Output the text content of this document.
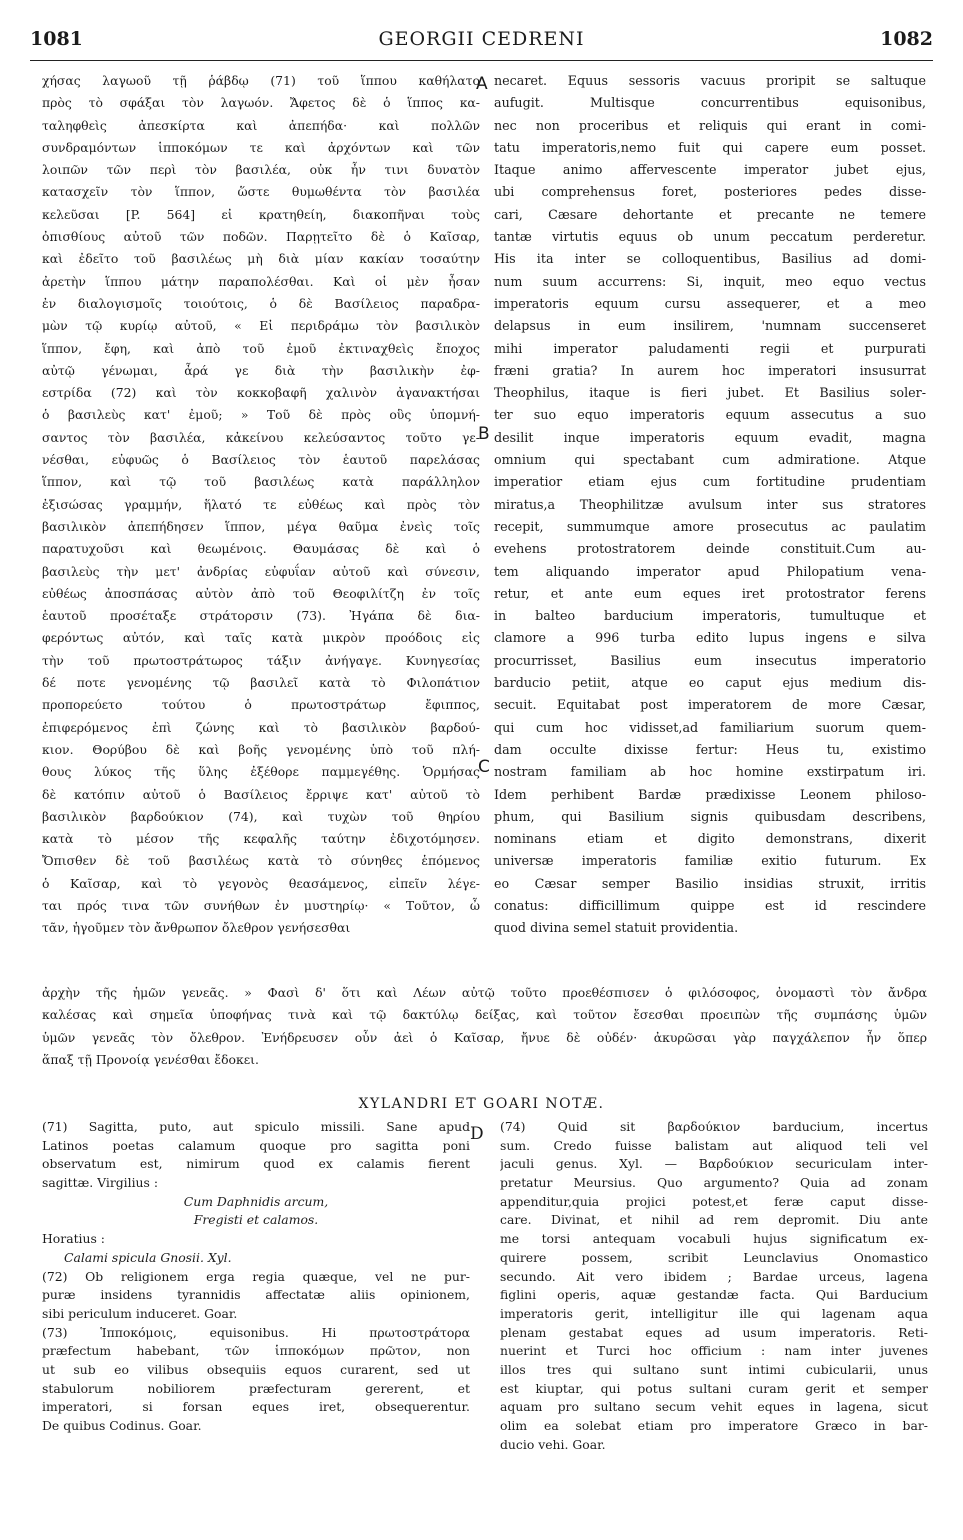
1081	GEORGII CEDRENI	1082
χήσας λαγωοῦ τῇ ῥάβδῳ (71) τοῦ ἵππου καθήλατο
πρὸς τὸ σφάξαι τὸν λαγωόν. Ἄφετος δὲ ὁ ἵππος κα-
ταληφθεὶς ἀπεσκίρτα καὶ ἀπεπήδα· καὶ πολλῶν
συνδραμόντων ἱπποκόμων τε καὶ ἀρχόντων καὶ τῶν
λοιπῶν τῶν περὶ τὸν βασιλέα, οὐκ ἦν τινι δυνατὸν
κατασχεῖν τὸν ἵππον, ὥστε θυμωθέντα τὸν βασιλέα
κελεῦσαι [P. 564] εἰ κρατηθείη, διακοπῆναι τοὺς
ὀπισθίους αὐτοῦ τῶν ποδῶν. Παρῃτεῖτο δὲ ὁ Καῖσαρ,
καὶ ἐδεῖτο τοῦ βασιλέως μὴ διὰ μίαν κακίαν τοσαύτην
ἀρετὴν ἵππου μάτην παραπολέσθαι. Καὶ οἱ μὲν ἦσαν
ἐν διαλογισμοῖς τοιούτοις, ὁ δὲ Βασίλειος παραδρα-
μὼν τῷ κυρίῳ αὐτοῦ, « Εἰ περιδράμω τὸν βασιλικὸν
ἵππον, ἔφη, καὶ ἀπὸ τοῦ ἐμοῦ ἐκτιναχθεὶς ἔποχος
αὐτῷ γένωμαι, ἆρά γε διὰ τὴν βασιλικὴν ἐφ-
εστρίδα (72) καὶ τὸν κοκκοβαφῆ χαλινὸν ἀγανακτήσαι
ὁ βασιλεὺς κατ' ἐμοῦ; » Τοῦ δὲ πρὸς οὓς ὑπομνή-
σαντος τὸν βασιλέα, κἀκείνου κελεύσαντος τοῦτο γε-
νέσθαι, εὐφυῶς ὁ Βασίλειος τὸν ἑαυτοῦ παρελάσας
ἵππον, καὶ τῷ τοῦ βασιλέως κατὰ παράλληλον
ἐξισώσας γραμμήν, ἥλατό τε εὐθέως καὶ πρὸς τὸν
βασιλικὸν ἀπεπήδησεν ἵππον, μέγα θαῦμα ἐνεὶς τοῖς
παρατυχοῦσι καὶ θεωμένοις. Θαυμάσας δὲ καὶ ὁ
βασιλεὺς τὴν μετ' ἀνδρίας εὐφυΐαν αὐτοῦ καὶ σύνεσιν,
εὐθέως ἀποσπάσας αὐτὸν ἀπὸ τοῦ Θεοφιλίτζη ἐν τοῖς
ἑαυτοῦ προσέταξε στράτορσιν (73). Ἠγάπα δὲ δια-
φερόντως αὐτόν, καὶ ταῖς κατὰ μικρὸν προόδοις εἰς
τὴν τοῦ πρωτοστράτωρος τάξιν ἀνήγαγε. Κυνηγεσίας
δέ ποτε γενομένης τῷ βασιλεῖ κατὰ τὸ Φιλοπάτιον
προπορεύετο τούτου ὁ πρωτοστράτωρ ἔφιππος,
ἐπιφερόμενος ἐπὶ ζώνης καὶ τὸ βασιλικὸν βαρδού-
κιον. Θορύβου δὲ καὶ βοῆς γενομένης ὑπὸ τοῦ πλή-
θους λύκος τῆς ὕλης ἐξέθορε παμμεγέθης. Ὁρμήσας
δὲ κατόπιν αὐτοῦ ὁ Βασίλειος ἔρριψε κατ' αὐτοῦ τὸ
βασιλικὸν βαρδούκιον (74), καὶ τυχὼν τοῦ θηρίου
κατὰ τὸ μέσον τῆς κεφαλῆς ταύτην ἐδιχοτόμησεν.
Ὄπισθεν δὲ τοῦ βασιλέως κατὰ τὸ σύνηθες ἑπόμενος
ὁ Καῖσαρ, καὶ τὸ γεγονὸς θεασάμενος, εἰπεῖν λέγε-
ται πρός τινα τῶν συνήθων ἐν μυστηρίῳ· « Τοῦτον, ὦ
τᾶν, ἡγοῦμεν τὸν ἄνθρωπον ὄλεθρον γενήσεσθαι
necaret. Equus sessoris vacuus proripit se saltuque
aufugit. Multisque concurrentibus equisonibus,
nec non proceribus et reliquis qui erant in comi-
tatu imperatoris,nemo fuit qui capere eum posset.
Itaque animo affervescente imperator jubet ejus,
ubi comprehensus foret, posteriores pedes disse-
cari, Cæsare dehortante et precante ne temere
tantæ virtutis equus ob unum peccatum perderetur.
His ita inter se colloquentibus, Basilius ad domi-
num suum accurrens: Si, inquit, meo equo vectus
imperatoris equum cursu assequerer, et a meo
delapsus in eum insilirem, 'numnam succenseret
mihi imperator paludamenti regii et purpurati
fræni gratia? In aurem hoc imperatori insusurrat
Theophilus, itaque is fieri jubet. Et Basilius soler-
ter suo equo imperatoris equum assecutus a suo
desilit inque imperatoris equum evadit, magna
omnium qui spectabant cum admiratione. Atque
imperatior etiam ejus cum fortitudine prudentiam
miratus,a Theophilitzæ avulsum inter sus stratores
recepit, summumque amore prosecutus ac paulatim
evehens protostratorem deinde constituit.Cum au-
tem aliquando imperator apud Philopatium vena-
retur, et ante eum eques iret protostrator ferens
in balteo barducium imperatoris, tumultuque et
clamore a 996 turba edito lupus ingens e silva
procurrisset, Basilius eum insecutus imperatorio
barducio petiit, atque eo caput ejus medium dis-
secuit. Equitabat post imperatorem de more Cæsar,
qui cum hoc vidisset,ad familiarium suorum quem-
dam occulte dixisse fertur: Heus tu, existimo
nostram familiam ab hoc homine exstirpatum iri.
Idem perhibent Bardæ prædixisse Leonem philoso-
phum, qui Basilium signis quibusdam describens,
nominans etiam et digito demonstrans, dixerit
universæ imperatoris familiæ exitio futurum. Ex
eo Cæsar semper Basilio insidias struxit, irritis
conatus: difficillimum quippe est id rescindere
quod divina semel statuit providentia.
A
B
C
ἀρχὴν τῆς ἡμῶν γενεᾶς. » Φασὶ δ' ὅτι καὶ Λέων αὐτῷ τοῦτο προεθέσπισεν ὁ φιλόσοφος, ὀνομαστὶ τὸν ἄνδρα
καλέσας καὶ σημεῖα ὑποφήνας τινὰ καὶ τῷ δακτύλῳ δείξας, καὶ τοῦτον ἔσεσθαι προειπὼν τῆς συμπάσης ὑμῶν
ὑμῶν γενεᾶς τὸν ὄλεθρον. Ἐνήδρευσεν οὖν ἀεὶ ὁ Καῖσαρ, ἤνυε δὲ οὐδέν· ἀκυρῶσαι γὰρ παγχάλεπον ἦν ὅπερ
ἅπαξ τῇ Προνοίᾳ γενέσθαι ἔδοκει.
XYLANDRI ET GOARI NOTÆ.
D
(71) Sagitta, puto, aut spiculo missili. Sane apud
Latinos poetas calamum quoque pro sagitta poni
observatum est, nimirum quod ex calamis fierent
sagittæ. Virgilius :
Cum Daphnidis arcum,
Fregisti et calamos.
Horatius :
Calami spicula Gnosii. Xyl.
(72) Ob religionem erga regia quæque, vel ne pur-
puræ insidens tyrannidis affectatæ aliis opinionem,
sibi periculum induceret. Goar.
(73) Ἱπποκόμοις, equisonibus. Hi πρωτοστράτορα
præfectum habebant, τῶν ἱπποκόμων πρῶτον, non
ut sub eo vilibus obsequiis equos curarent, sed ut
stabulorum nobiliorem præfecturam gererent, et
imperatori, si forsan eques iret, obsequerentur.
De quibus Codinus. Goar.
(74) Quid sit βαρδούκιον barducium, incertus
sum. Credo fuisse balistam aut aliquod teli vel
jaculi genus. Xyl. — Βαρδούκιον securiculam inter-
pretatur Meursius. Quo argumento? Quia ad zonam
appenditur,quia projici potest,et feræ caput disse-
care. Divinat, et nihil ad rem depromit. Diu ante
me torsi antequam vocabuli hujus significatum ex-
quirere possem, scribit Leunclavius Onomastico
secundo. Ait vero ibidem ; Bardae urceus, lagena
figlini operis, aquæ gestandæ facta. Qui Barducium
imperatoris gerit, intelligitur ille qui lagenam aqua
plenam gestabat eques ad usum imperatoris. Reti-
nuerint et Turci hoc officium : nam inter juvenes
illos tres qui sultano sunt intimi cubicularii, unus
est kiuptar, qui potus sultani curam gerit et semper
aquam pro sultano secum vehit eques in lagena, sicut
olim ea solebat etiam pro imperatore Græco in bar-
ducio vehi. Goar.
